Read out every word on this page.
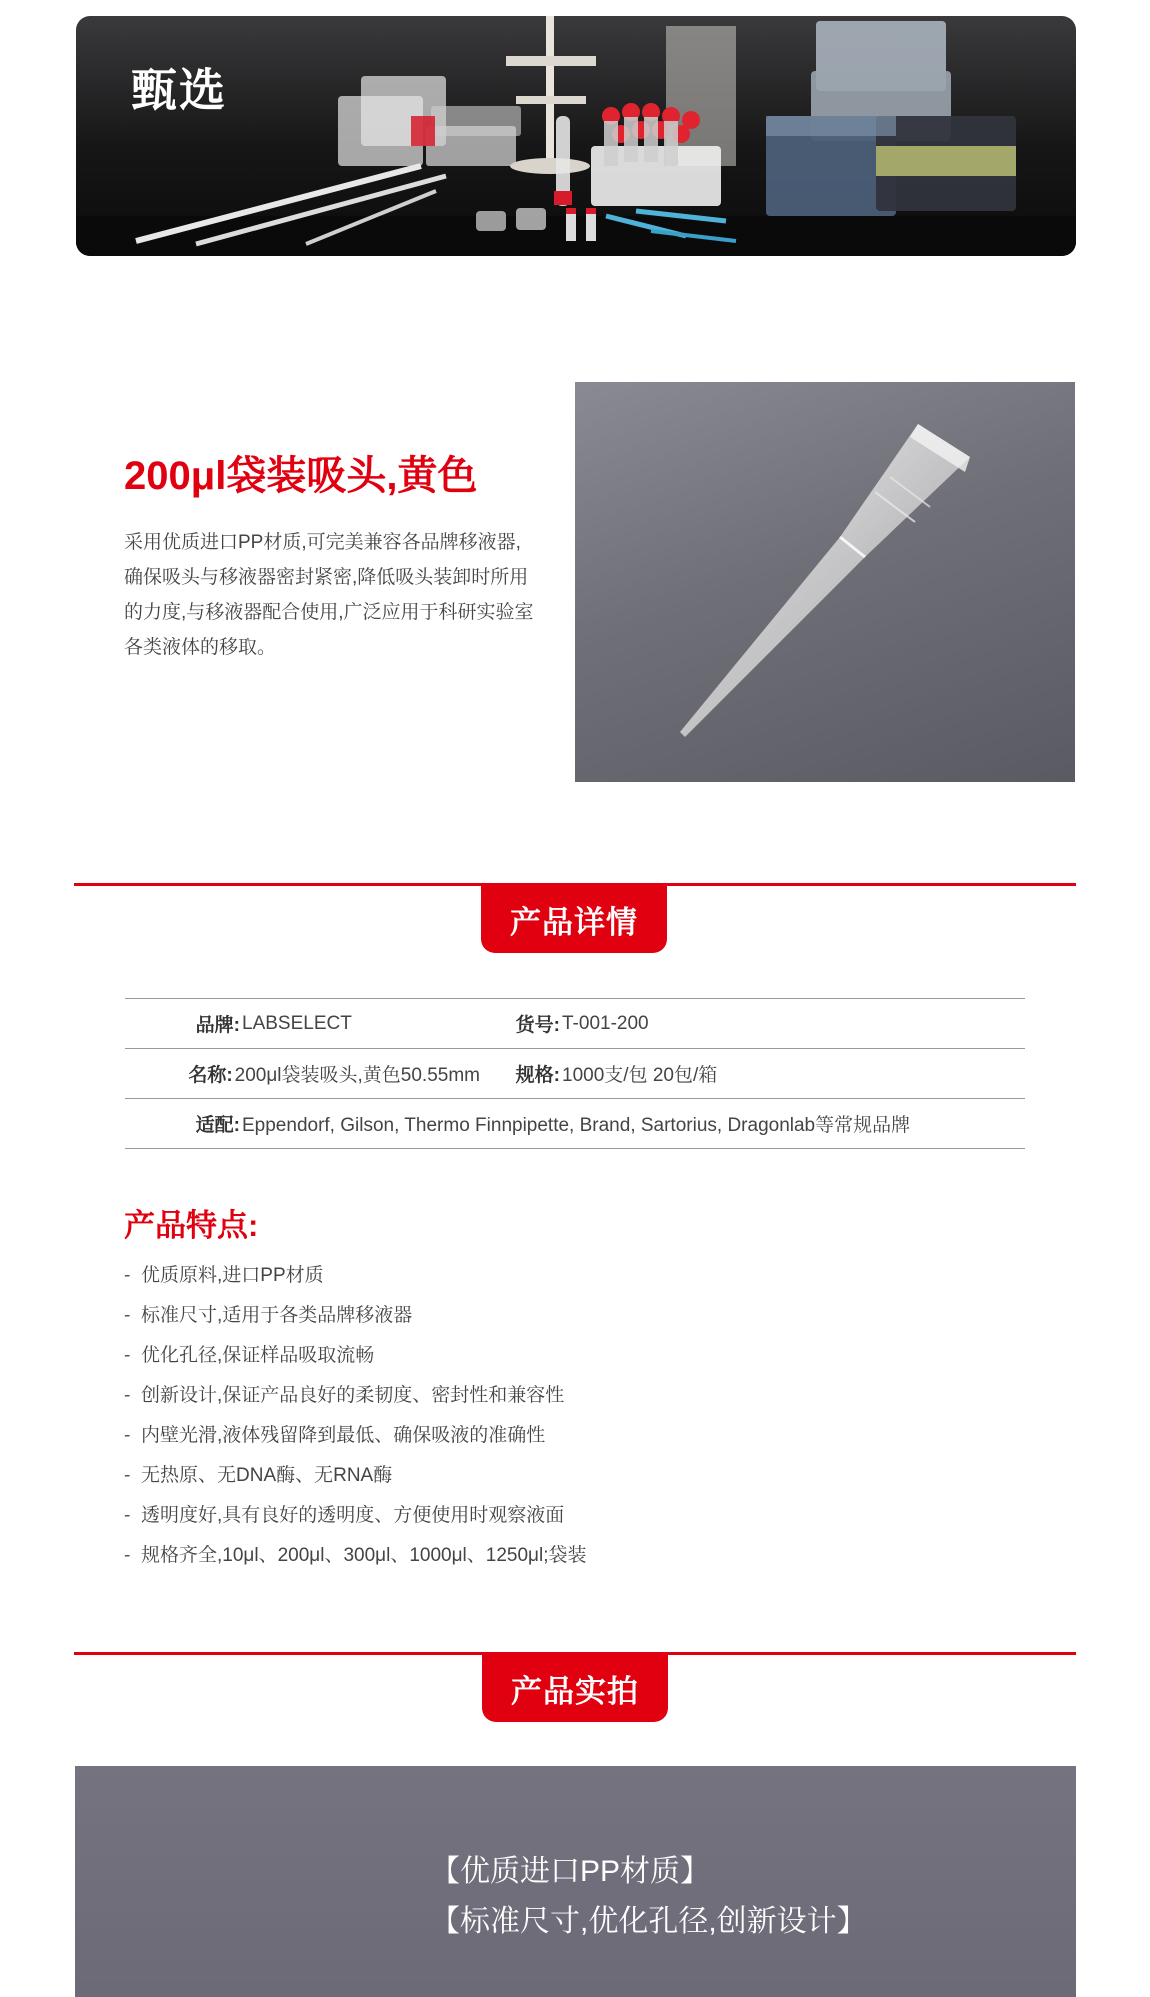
甄选
200μl袋装吸头,黄色
采用优质进口PP材质,可完美兼容各品牌移液器,确保吸头与移液器密封紧密,降低吸头装卸时所用的力度,与移液器配合使用,广泛应用于科研实验室各类液体的移取。
产品详情
品牌: LABSELECT	货号: T-001-200
名称: 200μl袋装吸头,黄色50.55mm	规格: 1000支/包 20包/箱
适配: Eppendorf, Gilson, Thermo Finnpipette, Brand, Sartorius, Dragonlab等常规品牌
产品特点:
- 优质原料,进口PP材质
- 标准尺寸,适用于各类品牌移液器
- 优化孔径,保证样品吸取流畅
- 创新设计,保证产品良好的柔韧度、密封性和兼容性
- 内壁光滑,液体残留降到最低、确保吸液的准确性
- 无热原、无DNA酶、无RNA酶
- 透明度好,具有良好的透明度、方便使用时观察液面
- 规格齐全,10μl、200μl、300μl、1000μl、1250μl;袋装
产品实拍
【优质进口PP材质】
【标准尺寸,优化孔径,创新设计】
